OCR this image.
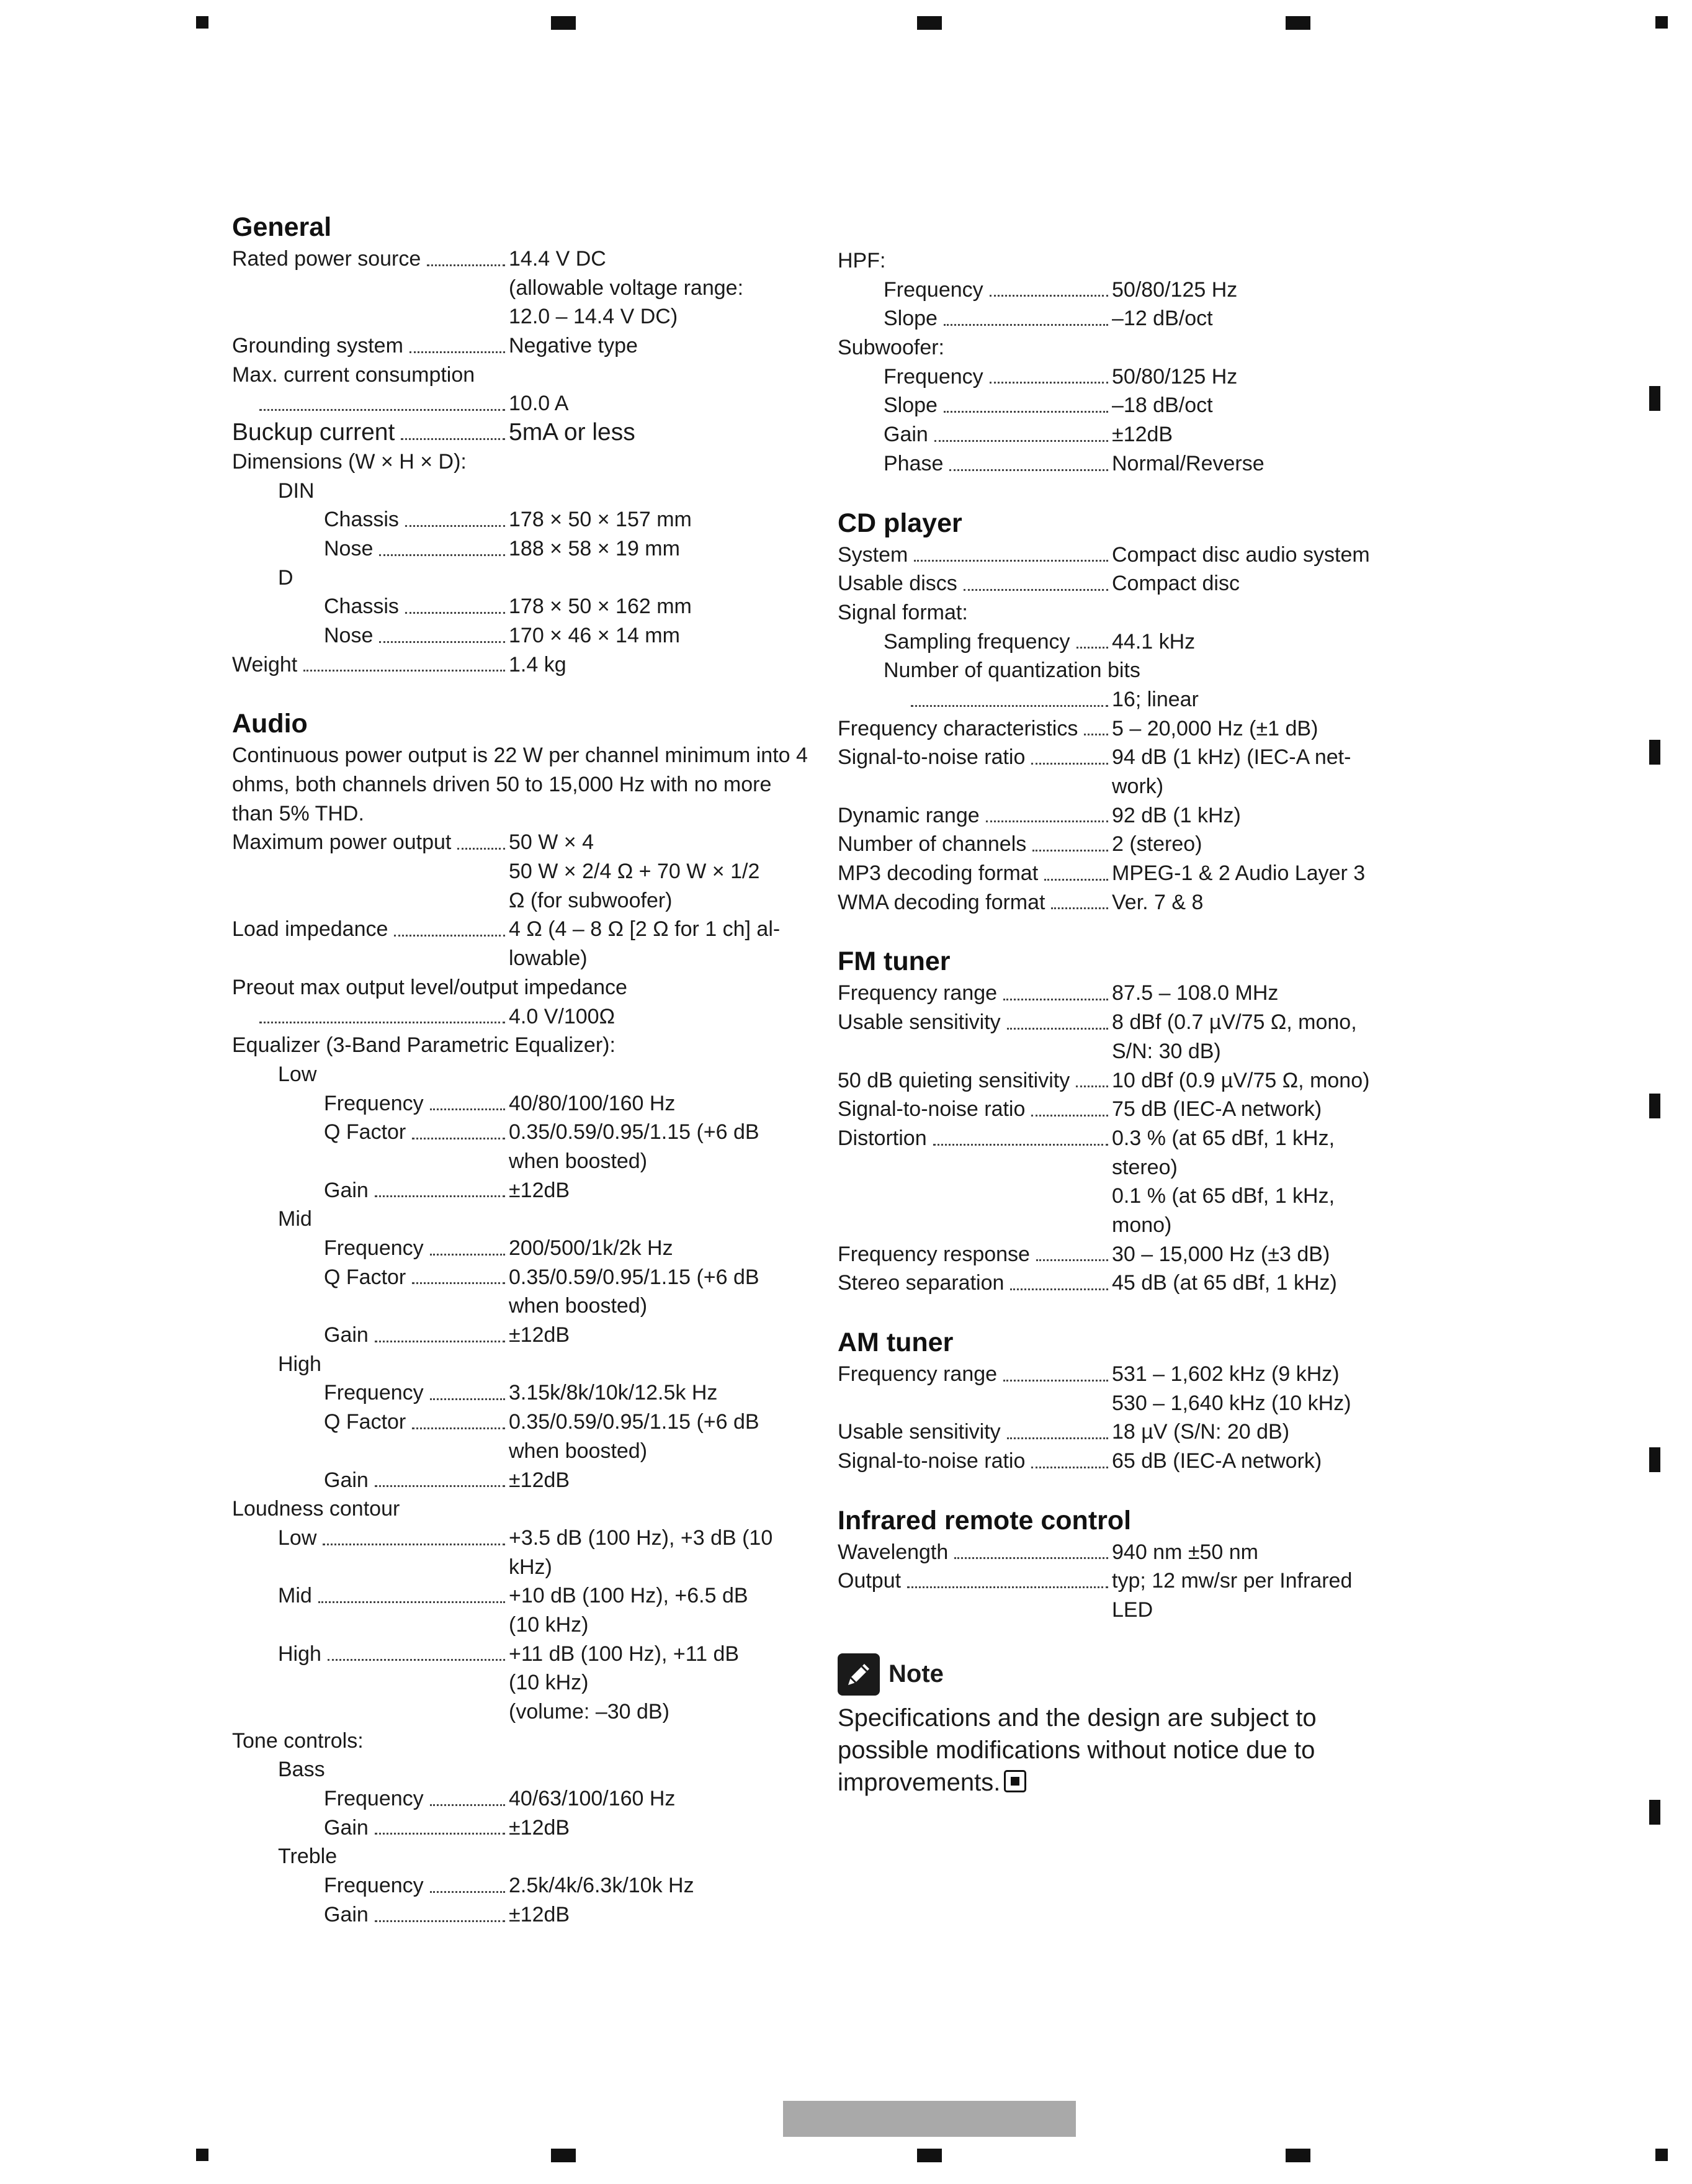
General
Rated power source	14.4 V DC
(allowable voltage range:
12.0 – 14.4 V DC)
Grounding system	Negative type
Max. current consumption
10.0 A
Buckup current	5mA or less
Dimensions (W × H × D):
DIN
Chassis	178 × 50 × 157 mm
Nose	188 × 58 × 19 mm
D
Chassis	178 × 50 × 162 mm
Nose	170 × 46 × 14 mm
Weight	1.4 kg
Audio
Continuous power output is 22 W per channel minimum into 4 ohms, both channels driven 50 to 15,000 Hz with no more than 5% THD.
Maximum power output	50 W × 4
50 W × 2/4 Ω + 70 W × 1/2
Ω (for subwoofer)
Load impedance	4 Ω (4 – 8 Ω [2 Ω for 1 ch] al-
lowable)
Preout max output level/output impedance
4.0 V/100Ω
Equalizer (3-Band Parametric Equalizer):
Low
Frequency	40/80/100/160 Hz
Q Factor	0.35/0.59/0.95/1.15 (+6 dB
when boosted)
Gain	±12dB
Mid
Frequency	200/500/1k/2k Hz
Q Factor	0.35/0.59/0.95/1.15 (+6 dB
when boosted)
Gain	±12dB
High
Frequency	3.15k/8k/10k/12.5k Hz
Q Factor	0.35/0.59/0.95/1.15 (+6 dB
when boosted)
Gain	±12dB
Loudness contour
Low	+3.5 dB (100 Hz), +3 dB (10
kHz)
Mid	+10 dB (100 Hz), +6.5 dB
(10 kHz)
High	+11 dB (100 Hz), +11 dB
(10 kHz)
(volume: –30 dB)
Tone controls:
Bass
Frequency	40/63/100/160 Hz
Gain	±12dB
Treble
Frequency	2.5k/4k/6.3k/10k Hz
Gain	±12dB
HPF:
Frequency	50/80/125 Hz
Slope	–12 dB/oct
Subwoofer:
Frequency	50/80/125 Hz
Slope	–18 dB/oct
Gain	±12dB
Phase	Normal/Reverse
CD player
System	Compact disc audio system
Usable discs	Compact disc
Signal format:
Sampling frequency 44.1 kHz
Number of quantization bits
16; linear
Frequency characteristics 5 – 20,000 Hz (±1 dB)
Signal-to-noise ratio	94 dB (1 kHz) (IEC-A net-
work)
Dynamic range	92 dB (1 kHz)
Number of channels	2 (stereo)
MP3 decoding format	MPEG-1 & 2 Audio Layer 3
WMA decoding format	Ver. 7 & 8
FM tuner
Frequency range	87.5 – 108.0 MHz
Usable sensitivity	8 dBf (0.7 µV/75 Ω, mono,
S/N: 30 dB)
50 dB quieting sensitivity 10 dBf (0.9 µV/75 Ω, mono)
Signal-to-noise ratio	75 dB (IEC-A network)
Distortion	0.3 % (at 65 dBf, 1 kHz,
stereo)
0.1 % (at 65 dBf, 1 kHz,
mono)
Frequency response	30 – 15,000 Hz (±3 dB)
Stereo separation	45 dB (at 65 dBf, 1 kHz)
AM tuner
Frequency range	531 – 1,602 kHz (9 kHz)
530 – 1,640 kHz (10 kHz)
Usable sensitivity	18 µV (S/N: 20 dB)
Signal-to-noise ratio	65 dB (IEC-A network)
Infrared remote control
Wavelength	940 nm ±50 nm
Output	typ; 12 mw/sr per Infrared
LED
Note
Specifications and the design are subject to possible modifications without notice due to improvements.
